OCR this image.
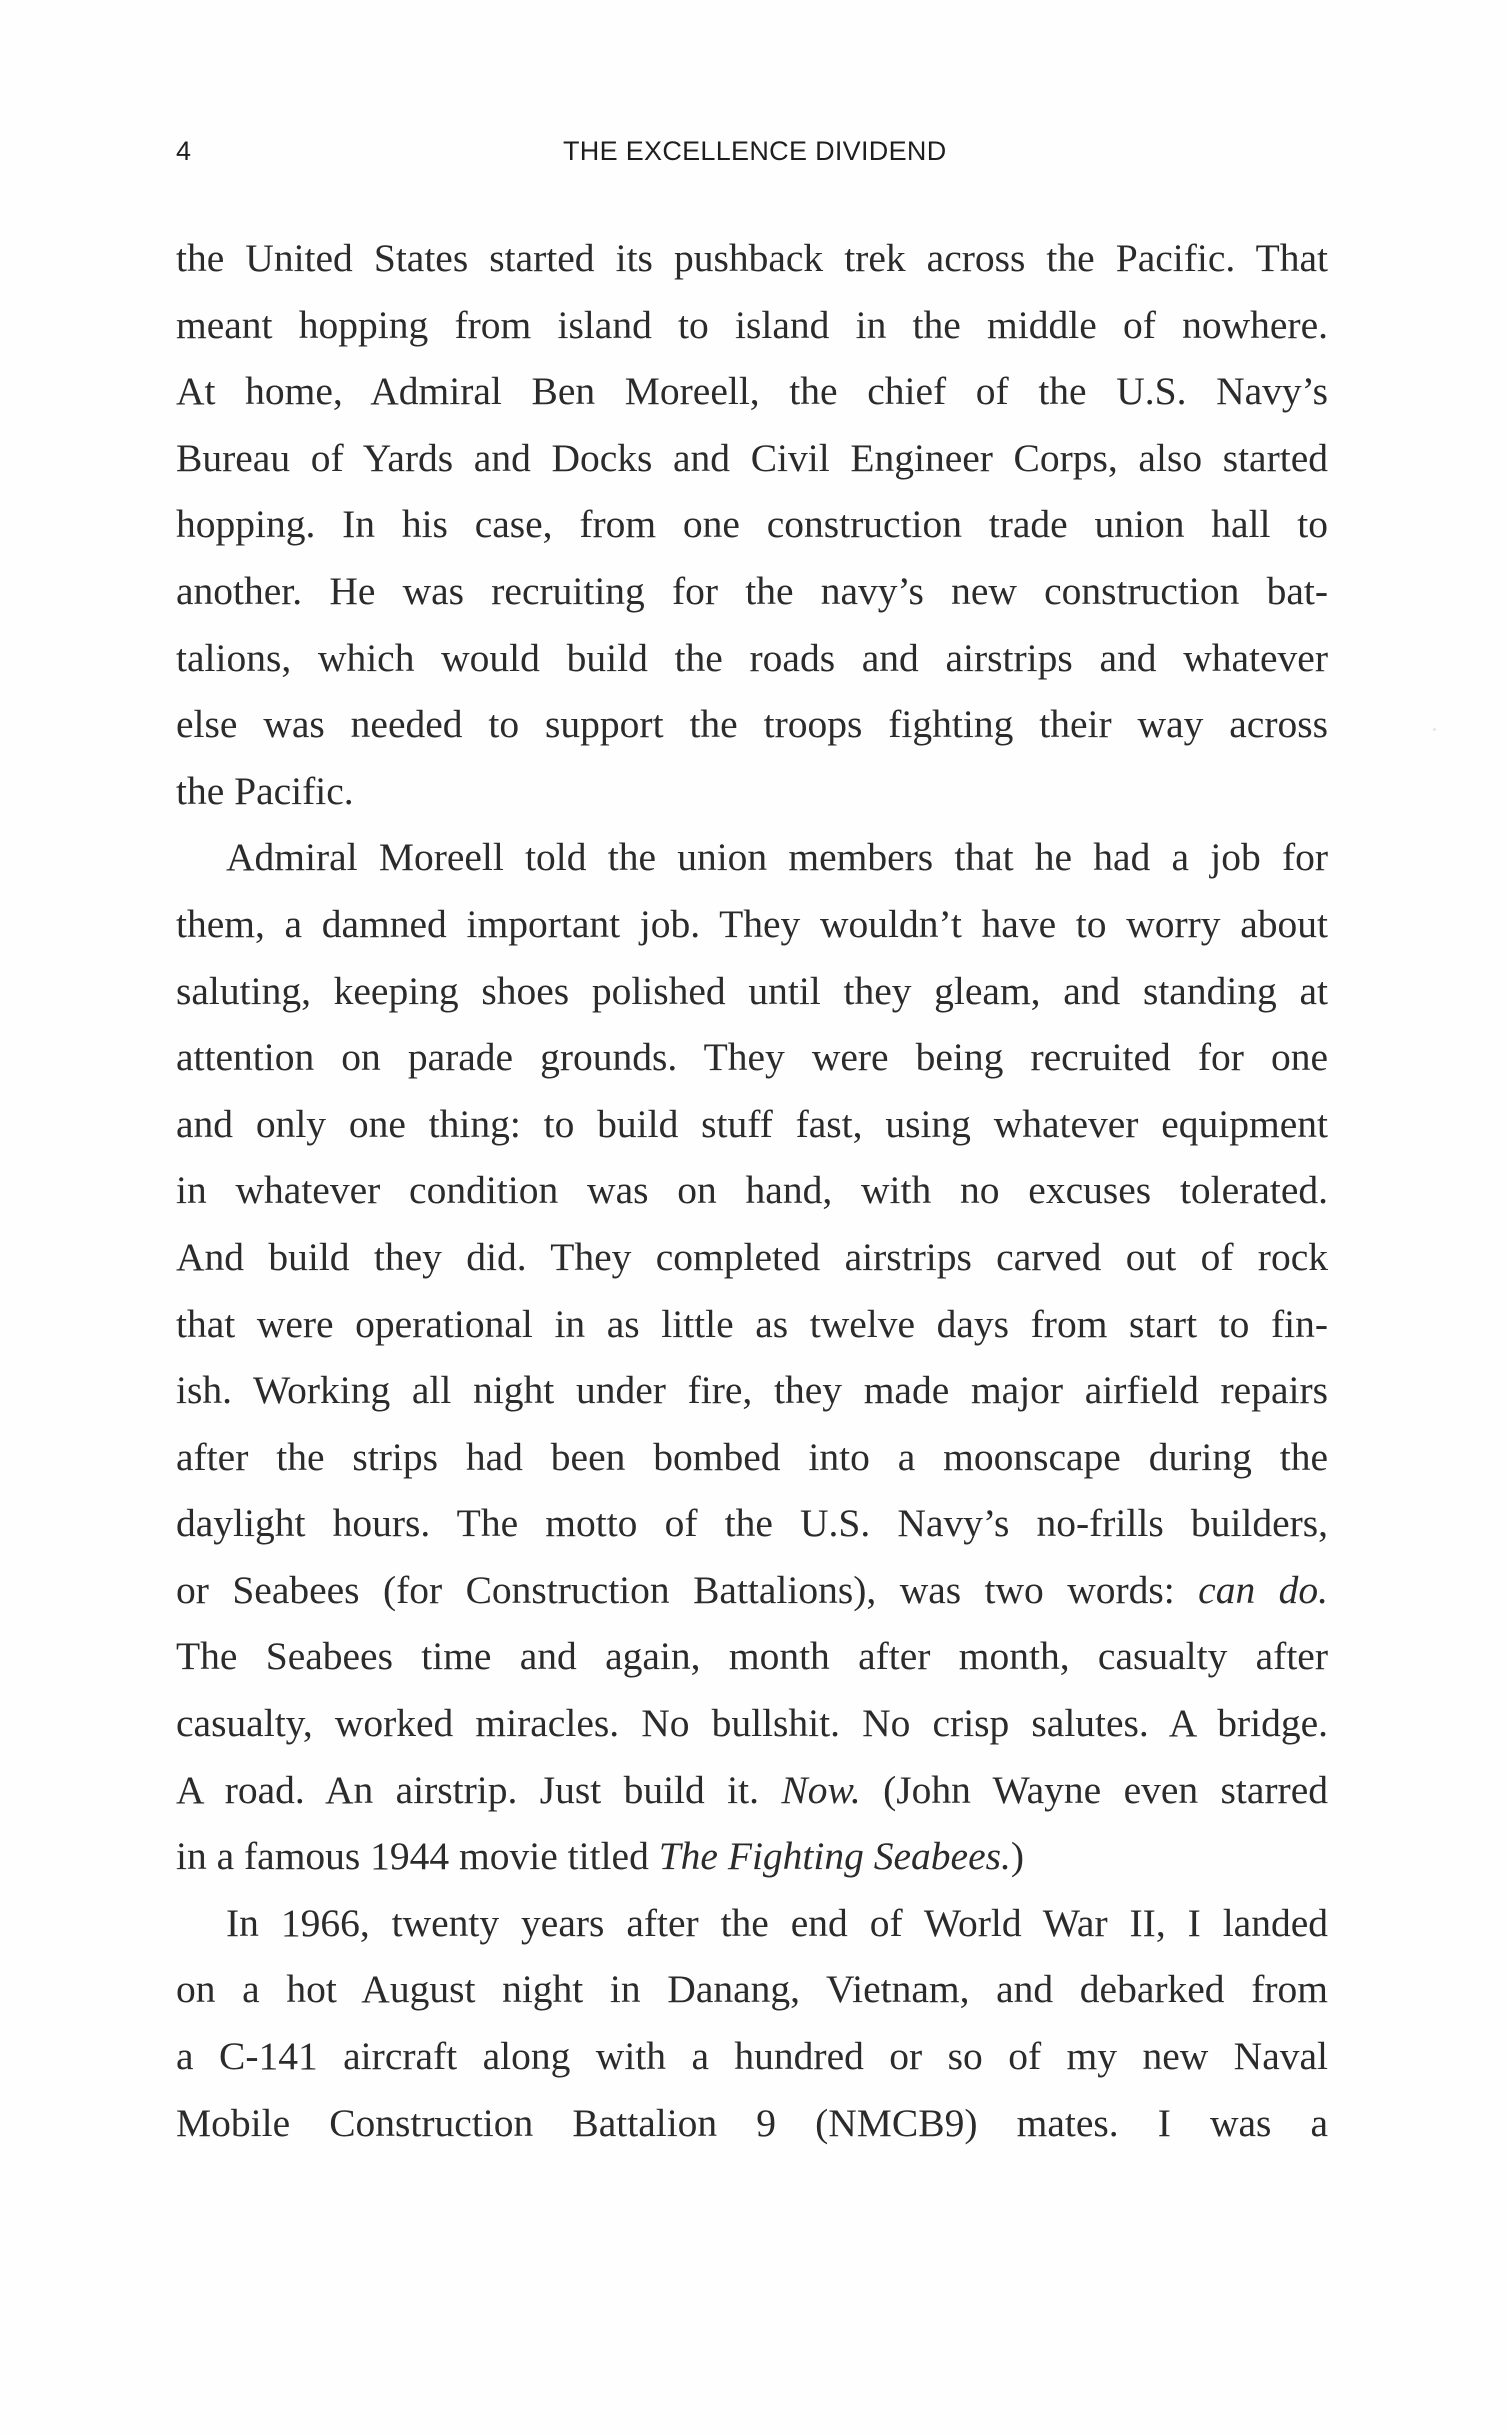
4	THE EXCELLENCE DIVIDEND
the United States started its pushback trek across the Pacific. That
meant hopping from island to island in the middle of nowhere.
At home, Admiral Ben Moreell, the chief of the U.S. Navy’s
Bureau of Yards and Docks and Civil Engineer Corps, also started
hopping. In his case, from one construction trade union hall to
another. He was recruiting for the navy’s new construction bat-
talions, which would build the roads and airstrips and whatever
else was needed to support the troops fighting their way across
the Pacific.
Admiral Moreell told the union members that he had a job for
them, a damned important job. They wouldn’t have to worry about
saluting, keeping shoes polished until they gleam, and standing at
attention on parade grounds. They were being recruited for one
and only one thing: to build stuff fast, using whatever equipment
in whatever condition was on hand, with no excuses tolerated.
And build they did. They completed airstrips carved out of rock
that were operational in as little as twelve days from start to fin-
ish. Working all night under fire, they made major airfield repairs
after the strips had been bombed into a moonscape during the
daylight hours. The motto of the U.S. Navy’s no-frills builders,
or Seabees (for Construction Battalions), was two words: can do.
The Seabees time and again, month after month, casualty after
casualty, worked miracles. No bullshit. No crisp salutes. A bridge.
A road. An airstrip. Just build it. Now. (John Wayne even starred
in a famous 1944 movie titled The Fighting Seabees.)
In 1966, twenty years after the end of World War II, I landed
on a hot August night in Danang, Vietnam, and debarked from
a C-141 aircraft along with a hundred or so of my new Naval
Mobile Construction Battalion 9 (NMCB9) mates. I was a
